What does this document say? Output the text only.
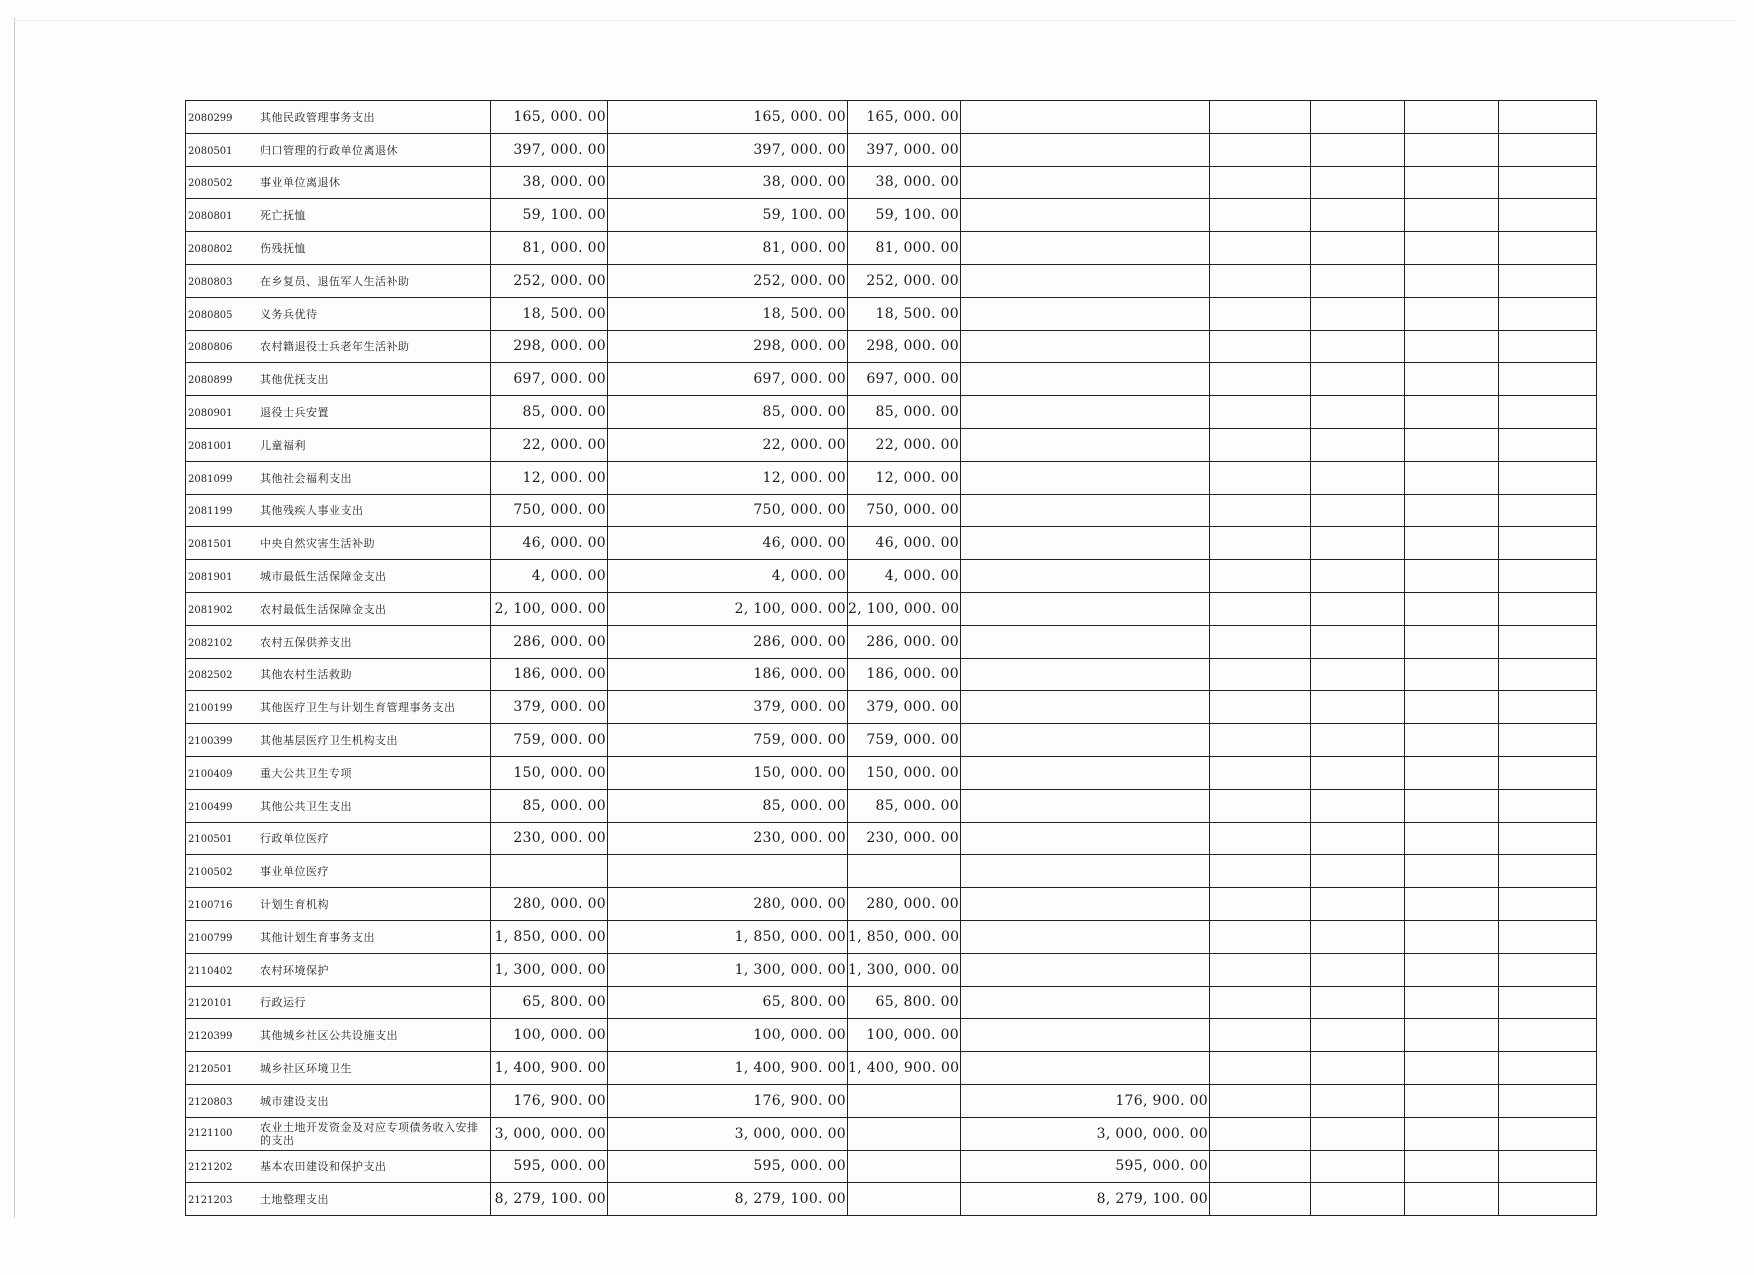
2080299 其他民政管理事务支出	165, 000. 00	165, 000. 00	165, 000. 00					
2080501 归口管理的行政单位离退休	397, 000. 00	397, 000. 00	397, 000. 00					
2080502 事业单位离退休	38, 000. 00	38, 000. 00	38, 000. 00					
2080801 死亡抚恤	59, 100. 00	59, 100. 00	59, 100. 00					
2080802 伤残抚恤	81, 000. 00	81, 000. 00	81, 000. 00					
2080803 在乡复员、退伍军人生活补助	252, 000. 00	252, 000. 00	252, 000. 00					
2080805 义务兵优待	18, 500. 00	18, 500. 00	18, 500. 00					
2080806 农村籍退役士兵老年生活补助	298, 000. 00	298, 000. 00	298, 000. 00					
2080899 其他优抚支出	697, 000. 00	697, 000. 00	697, 000. 00					
2080901 退役士兵安置	85, 000. 00	85, 000. 00	85, 000. 00					
2081001 儿童福利	22, 000. 00	22, 000. 00	22, 000. 00					
2081099 其他社会福利支出	12, 000. 00	12, 000. 00	12, 000. 00					
2081199 其他残疾人事业支出	750, 000. 00	750, 000. 00	750, 000. 00					
2081501 中央自然灾害生活补助	46, 000. 00	46, 000. 00	46, 000. 00					
2081901 城市最低生活保障金支出	4, 000. 00	4, 000. 00	4, 000. 00					
2081902 农村最低生活保障金支出	2, 100, 000. 00	2, 100, 000. 00	2, 100, 000. 00					
2082102 农村五保供养支出	286, 000. 00	286, 000. 00	286, 000. 00					
2082502 其他农村生活救助	186, 000. 00	186, 000. 00	186, 000. 00					
2100199 其他医疗卫生与计划生育管理事务支出	379, 000. 00	379, 000. 00	379, 000. 00					
2100399 其他基层医疗卫生机构支出	759, 000. 00	759, 000. 00	759, 000. 00					
2100409 重大公共卫生专项	150, 000. 00	150, 000. 00	150, 000. 00					
2100499 其他公共卫生支出	85, 000. 00	85, 000. 00	85, 000. 00					
2100501 行政单位医疗	230, 000. 00	230, 000. 00	230, 000. 00					
2100502 事业单位医疗								
2100716 计划生育机构	280, 000. 00	280, 000. 00	280, 000. 00					
2100799 其他计划生育事务支出	1, 850, 000. 00	1, 850, 000. 00	1, 850, 000. 00					
2110402 农村环境保护	1, 300, 000. 00	1, 300, 000. 00	1, 300, 000. 00					
2120101 行政运行	65, 800. 00	65, 800. 00	65, 800. 00					
2120399 其他城乡社区公共设施支出	100, 000. 00	100, 000. 00	100, 000. 00					
2120501 城乡社区环境卫生	1, 400, 900. 00	1, 400, 900. 00	1, 400, 900. 00					
2120803 城市建设支出	176, 900. 00	176, 900. 00		176, 900. 00				
2121100 农业土地开发资金及对应专项债务收入安排的支出	3, 000, 000. 00	3, 000, 000. 00		3, 000, 000. 00				
2121202 基本农田建设和保护支出	595, 000. 00	595, 000. 00		595, 000. 00				
2121203 土地整理支出	8, 279, 100. 00	8, 279, 100. 00		8, 279, 100. 00				
